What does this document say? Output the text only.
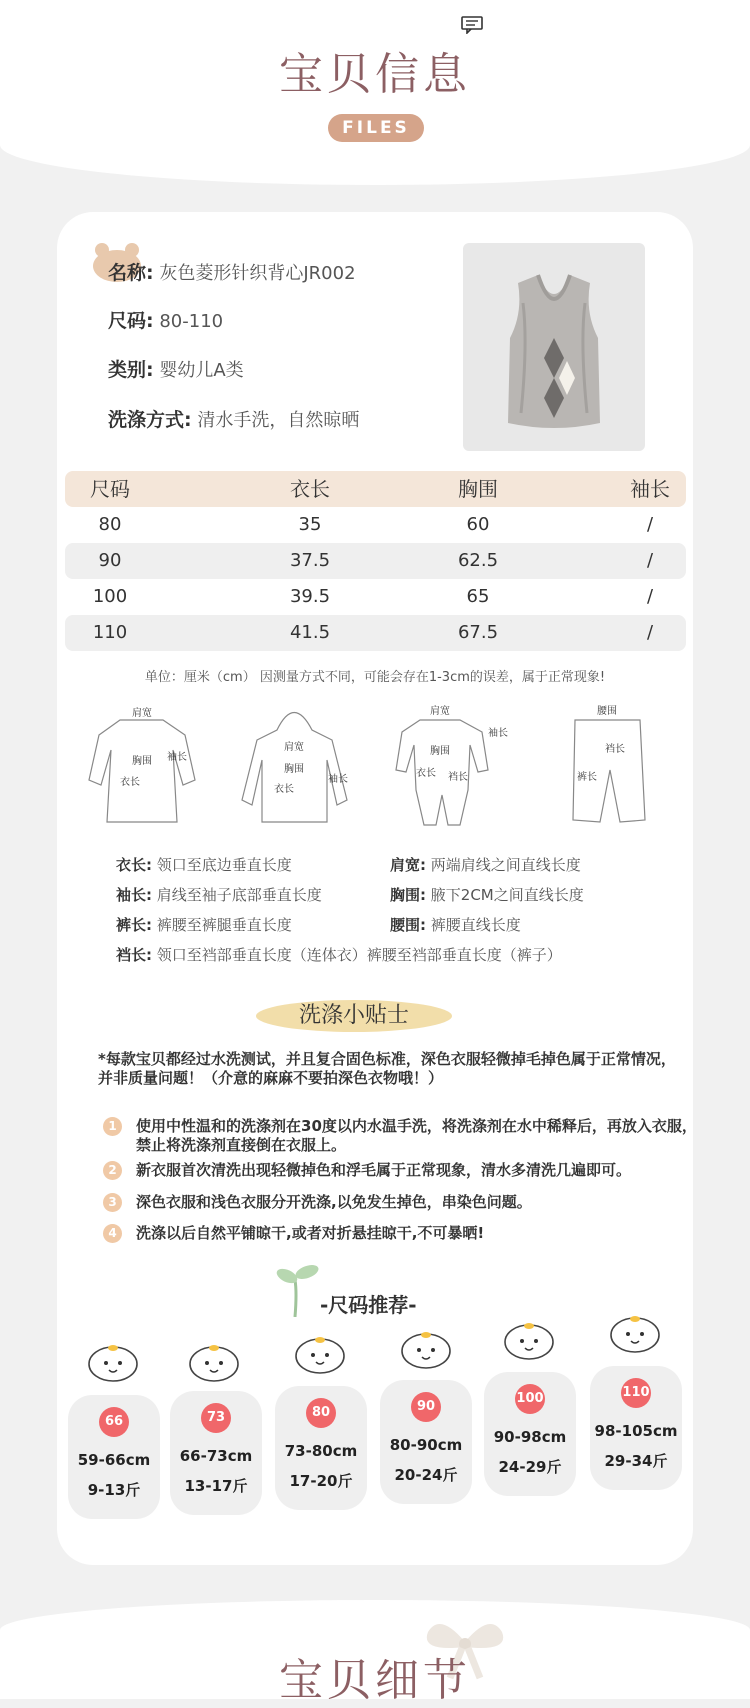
宝贝信息
FILES
名称: 灰色菱形针织背心JR002
尺码: 80-110
类别: 婴幼儿A类
洗涤方式: 清水手洗，自然晾晒
尺码	衣长	胸围	袖长
80	35	60	/
90	37.5	62.5	/
100	39.5	65	/
110	41.5	67.5	/
单位：厘米（cm） 因测量方式不同，可能会存在1-3cm的误差，属于正常现象!
肩宽
胸围
衣长
袖长
肩宽
胸围
衣长
袖长
肩宽
胸围
衣长 裆长
袖长
腰围
裆长
裤长
衣长: 领口至底边垂直长度	肩宽: 两端肩线之间直线长度
袖长: 肩线至袖子底部垂直长度	胸围: 腋下2CM之间直线长度
裤长: 裤腰至裤腿垂直长度	腰围: 裤腰直线长度
裆长: 领口至裆部垂直长度（连体衣）裤腰至裆部垂直长度（裤子）
洗涤小贴士
*每款宝贝都经过水洗测试，并且复合固色标准，深色衣服轻微掉毛掉色属于正常情况，并非质量问题！（介意的麻麻不要拍深色衣物哦！）
1	使用中性温和的洗涤剂在30度以内水温手洗，将洗涤剂在水中稀释后，再放入衣服，禁止将洗涤剂直接倒在衣服上。
2	新衣服首次清洗出现轻微掉色和浮毛属于正常现象，清水多清洗几遍即可。
3	深色衣服和浅色衣服分开洗涤,以免发生掉色，串染色问题。
4	洗涤以后自然平铺晾干,或者对折悬挂晾干,不可暴晒!
-尺码推荐-
66
59-66cm
9-13斤
73
66-73cm
13-17斤
80
73-80cm
17-20斤
90
80-90cm
20-24斤
100
90-98cm
24-29斤
110
98-105cm
29-34斤
宝贝细节
